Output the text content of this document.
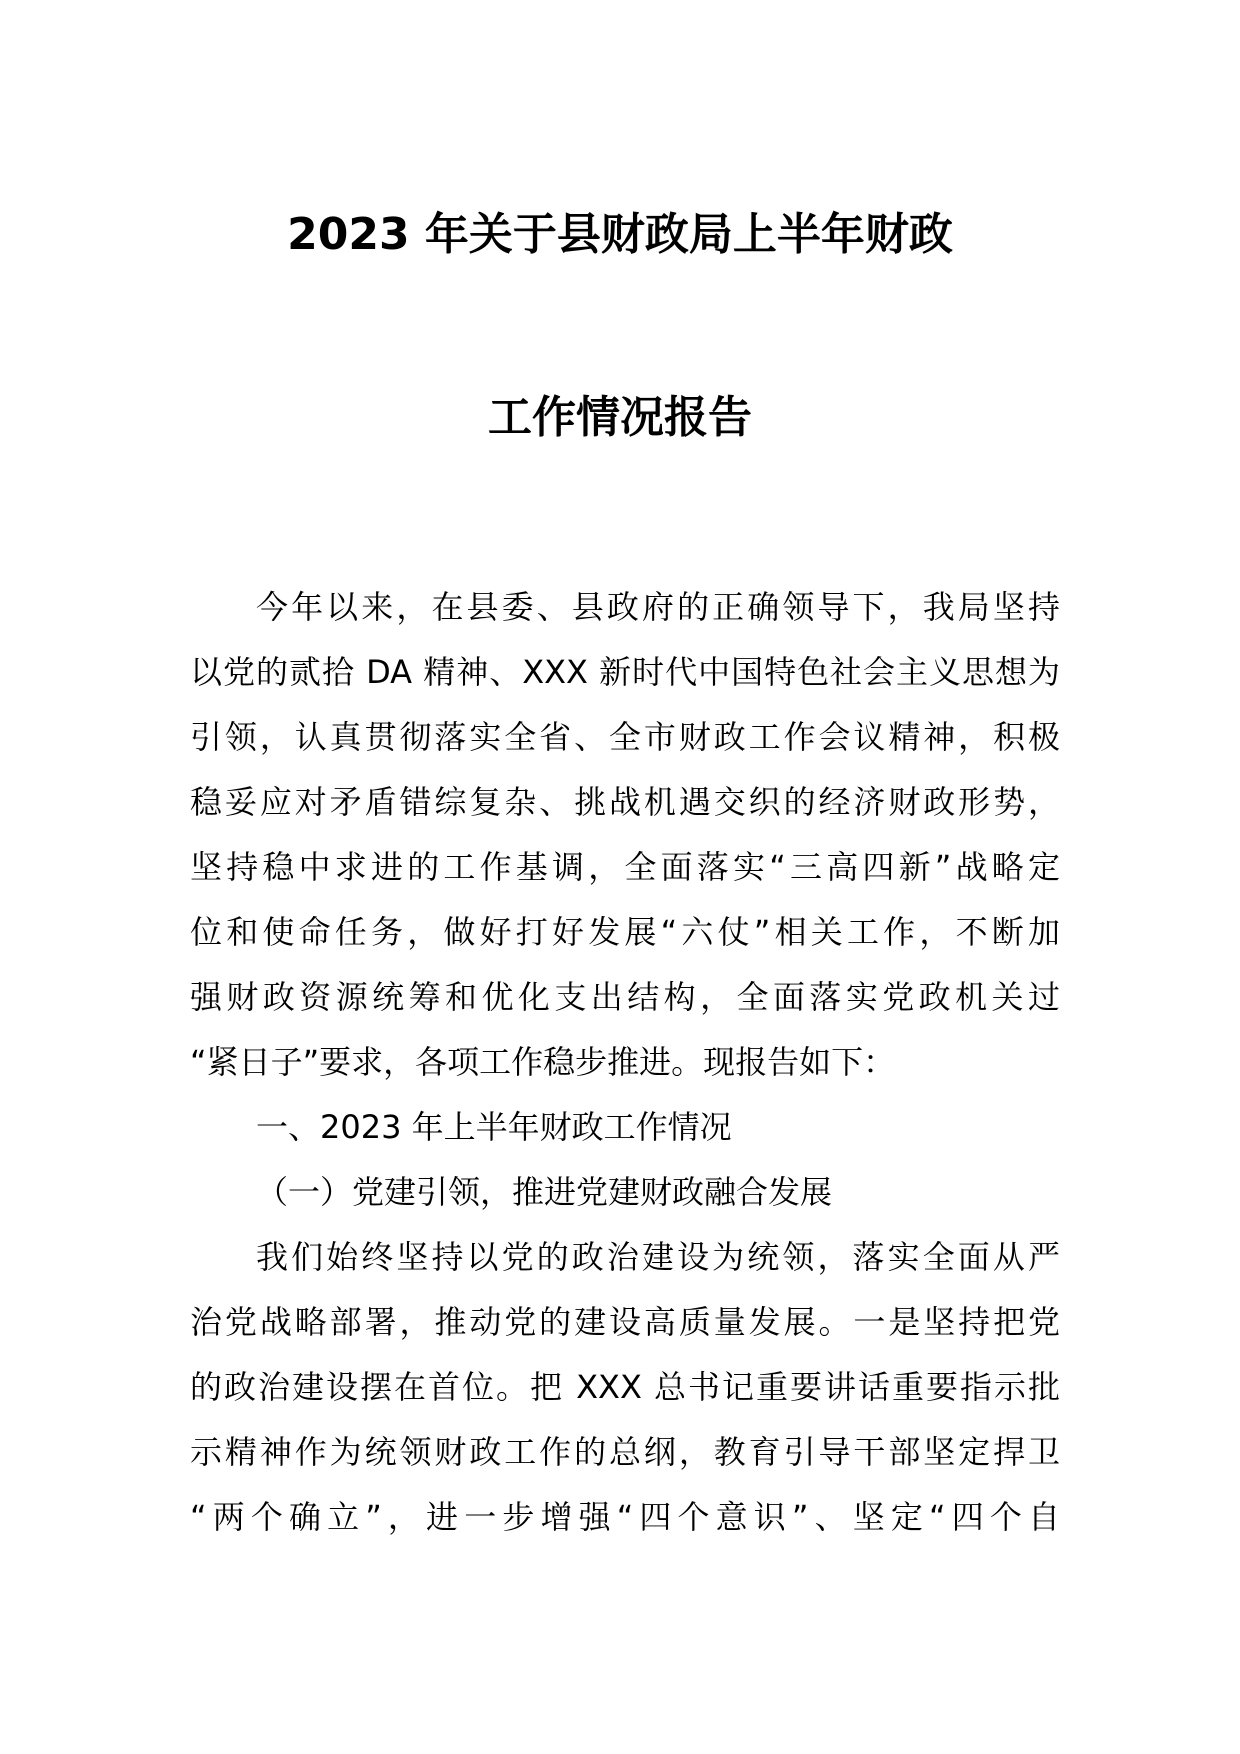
2023 年关于县财政局上半年财政
工作情况报告
今年以来，在县委、县政府的正确领导下，我局坚持
以党的贰拾 DA 精神、XXX 新时代中国特色社会主义思想为
引领，认真贯彻落实全省、全市财政工作会议精神，积极
稳妥应对矛盾错综复杂、挑战机遇交织的经济财政形势，
坚持稳中求进的工作基调，全面落实“三高四新”战略定
位和使命任务，做好打好发展“六仗”相关工作，不断加
强财政资源统筹和优化支出结构，全面落实党政机关过
“紧日子”要求，各项工作稳步推进。现报告如下：
一、2023 年上半年财政工作情况
（一）党建引领，推进党建财政融合发展
我们始终坚持以党的政治建设为统领，落实全面从严
治党战略部署，推动党的建设高质量发展。一是坚持把党
的政治建设摆在首位。把 XXX 总书记重要讲话重要指示批
示精神作为统领财政工作的总纲，教育引导干部坚定捍卫
“两个确立”，进一步增强“四个意识”、坚定“四个自
